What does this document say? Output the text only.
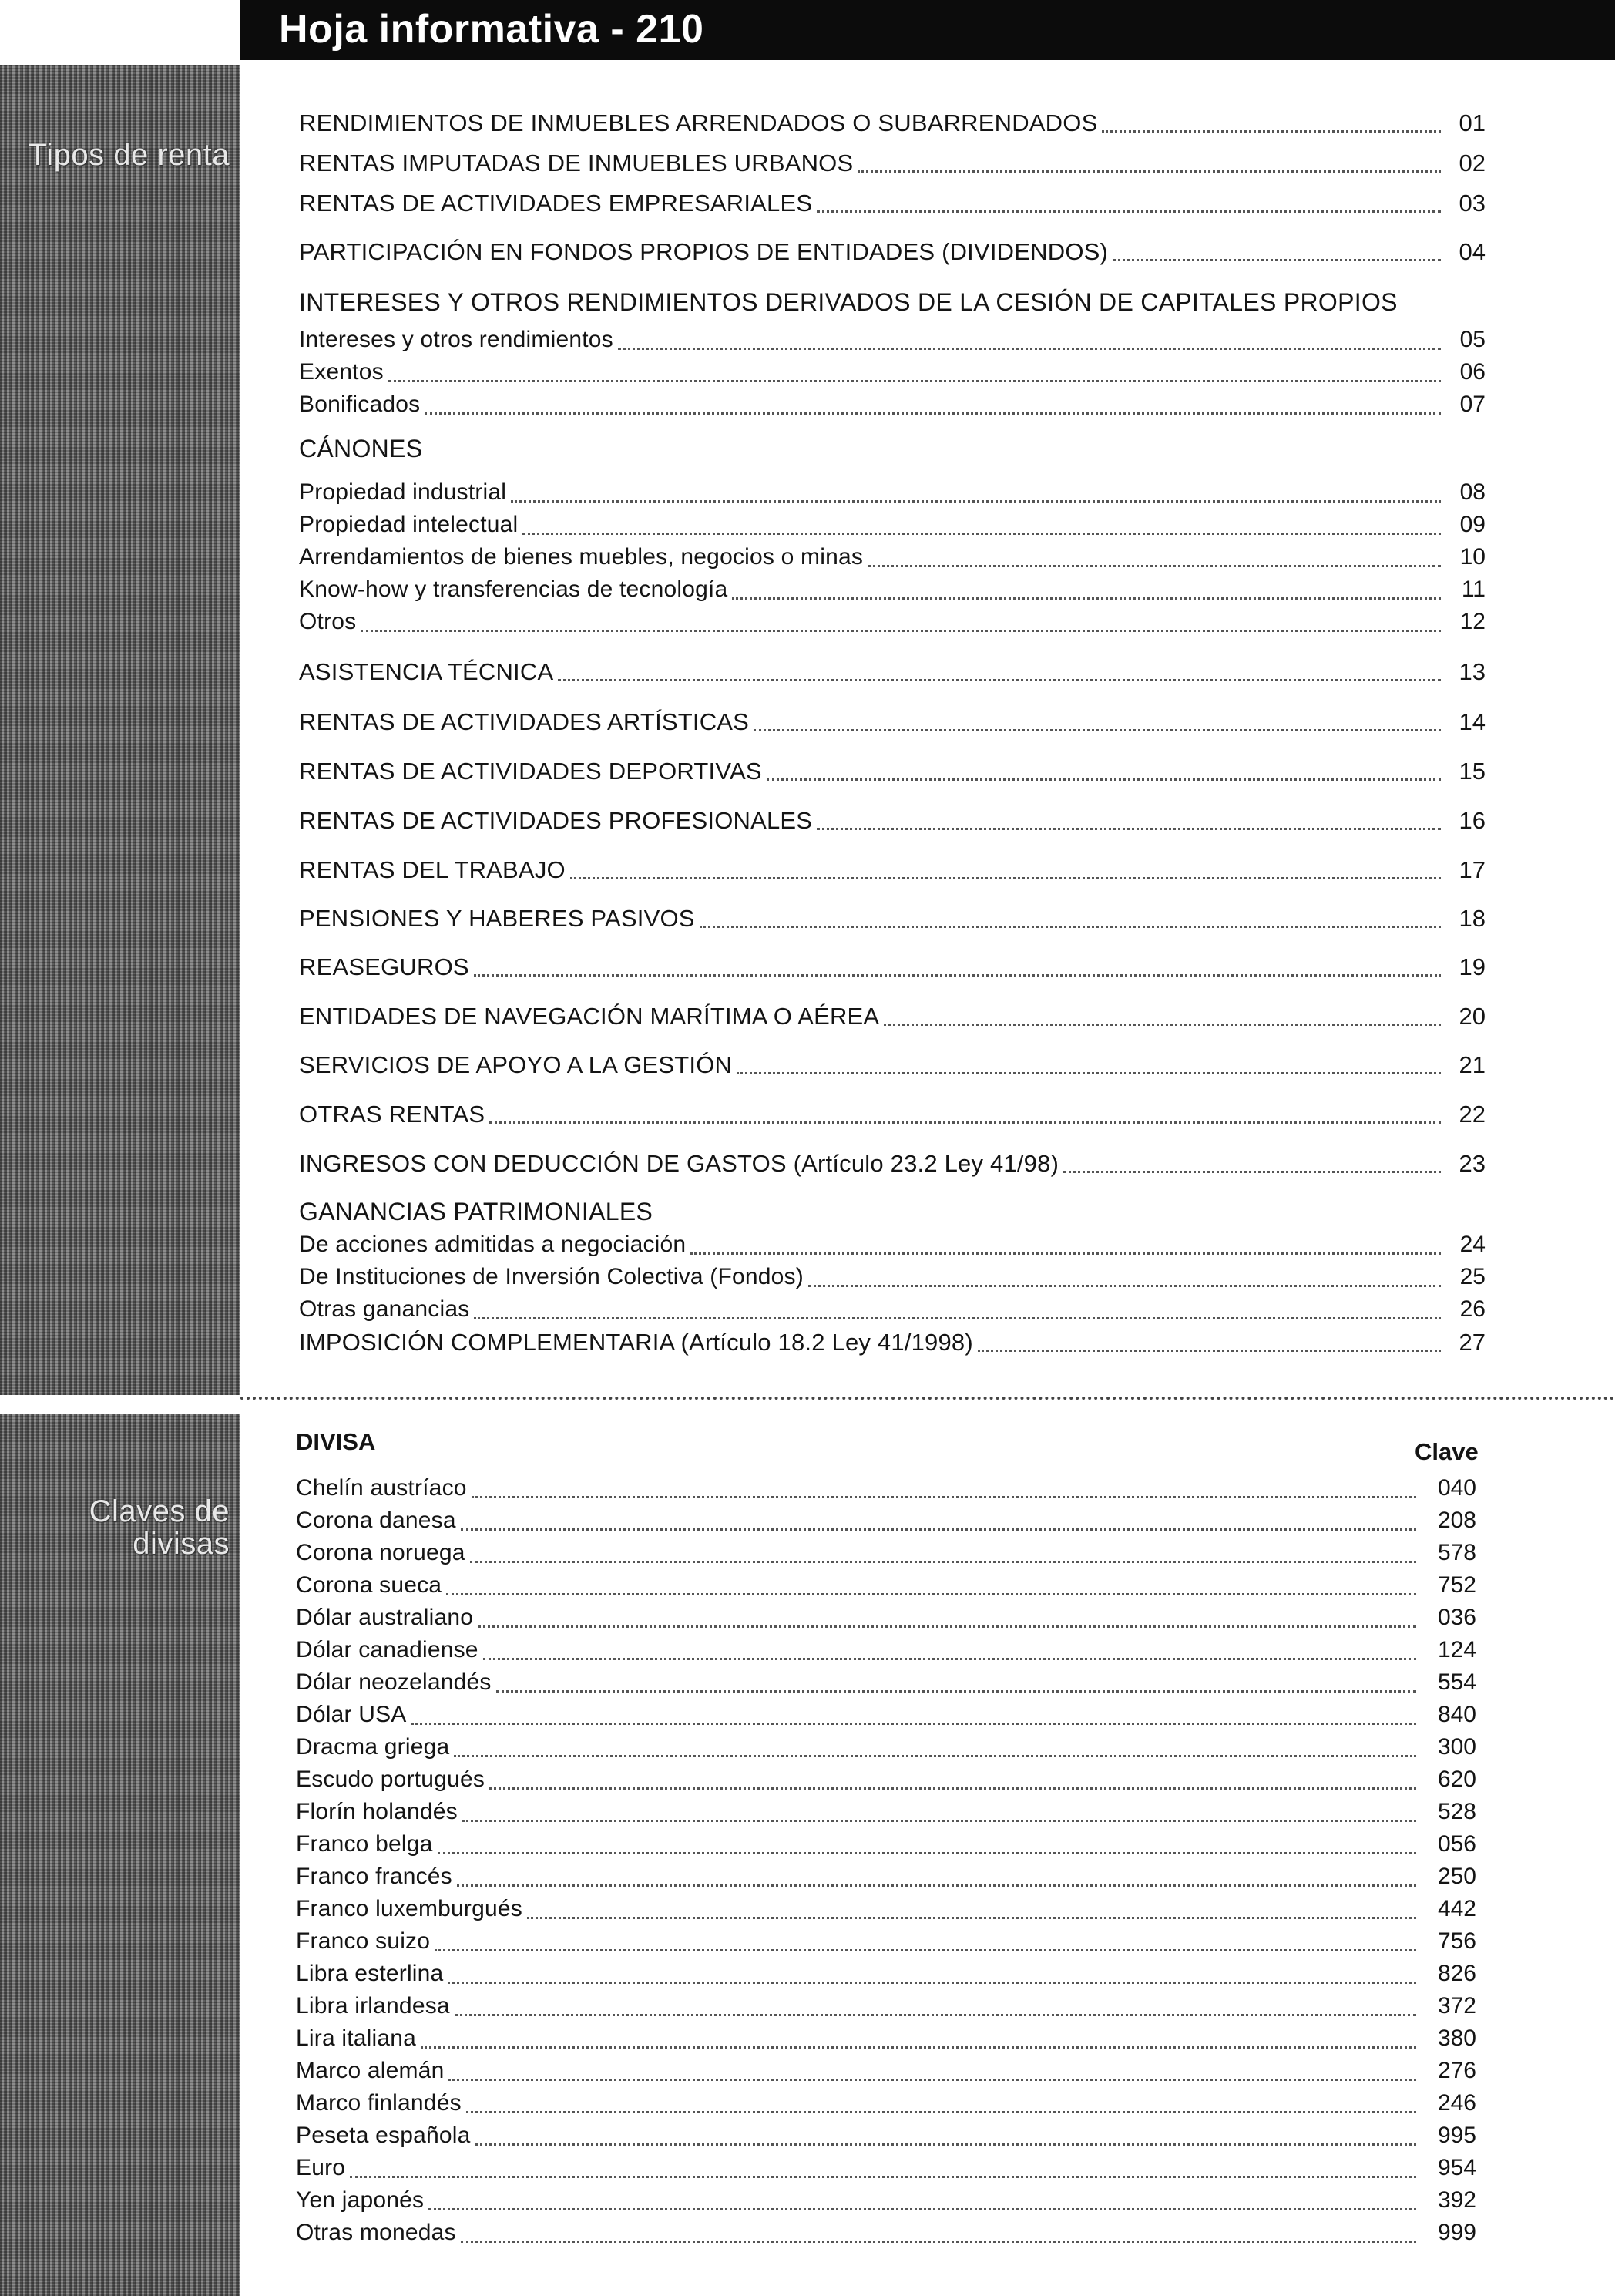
Hoja informativa - 210
Tipos de renta
Claves de
divisas
RENDIMIENTOS DE INMUEBLES ARRENDADOS O SUBARRENDADOS	01
RENTAS IMPUTADAS DE INMUEBLES URBANOS	02
RENTAS DE ACTIVIDADES EMPRESARIALES	03
PARTICIPACIÓN EN FONDOS PROPIOS DE ENTIDADES (DIVIDENDOS)	04
INTERESES Y OTROS RENDIMIENTOS DERIVADOS DE LA CESIÓN DE CAPITALES PROPIOS
Intereses y otros rendimientos	05
Exentos	06
Bonificados	07
CÁNONES
Propiedad industrial	08
Propiedad intelectual	09
Arrendamientos de bienes muebles, negocios o minas	10
Know-how y transferencias de tecnología	11
Otros	12
ASISTENCIA TÉCNICA	13
RENTAS DE ACTIVIDADES ARTÍSTICAS	14
RENTAS DE ACTIVIDADES DEPORTIVAS	15
RENTAS DE ACTIVIDADES PROFESIONALES	16
RENTAS DEL TRABAJO	17
PENSIONES Y HABERES PASIVOS	18
REASEGUROS	19
ENTIDADES DE NAVEGACIÓN MARÍTIMA O AÉREA	20
SERVICIOS DE APOYO A LA GESTIÓN	21
OTRAS RENTAS	22
INGRESOS CON DEDUCCIÓN DE GASTOS (Artículo 23.2 Ley 41/98)	23
GANANCIAS PATRIMONIALES
De acciones admitidas a negociación	24
De Instituciones de Inversión Colectiva (Fondos)	25
Otras ganancias	26
IMPOSICIÓN COMPLEMENTARIA (Artículo 18.2 Ley 41/1998)	27
DIVISA	Clave
Chelín austríaco	040
Corona danesa	208
Corona noruega	578
Corona sueca	752
Dólar australiano	036
Dólar canadiense	124
Dólar neozelandés	554
Dólar USA	840
Dracma griega	300
Escudo portugués	620
Florín holandés	528
Franco belga	056
Franco francés	250
Franco luxemburgués	442
Franco suizo	756
Libra esterlina	826
Libra irlandesa	372
Lira italiana	380
Marco alemán	276
Marco finlandés	246
Peseta española	995
Euro	954
Yen japonés	392
Otras monedas	999
